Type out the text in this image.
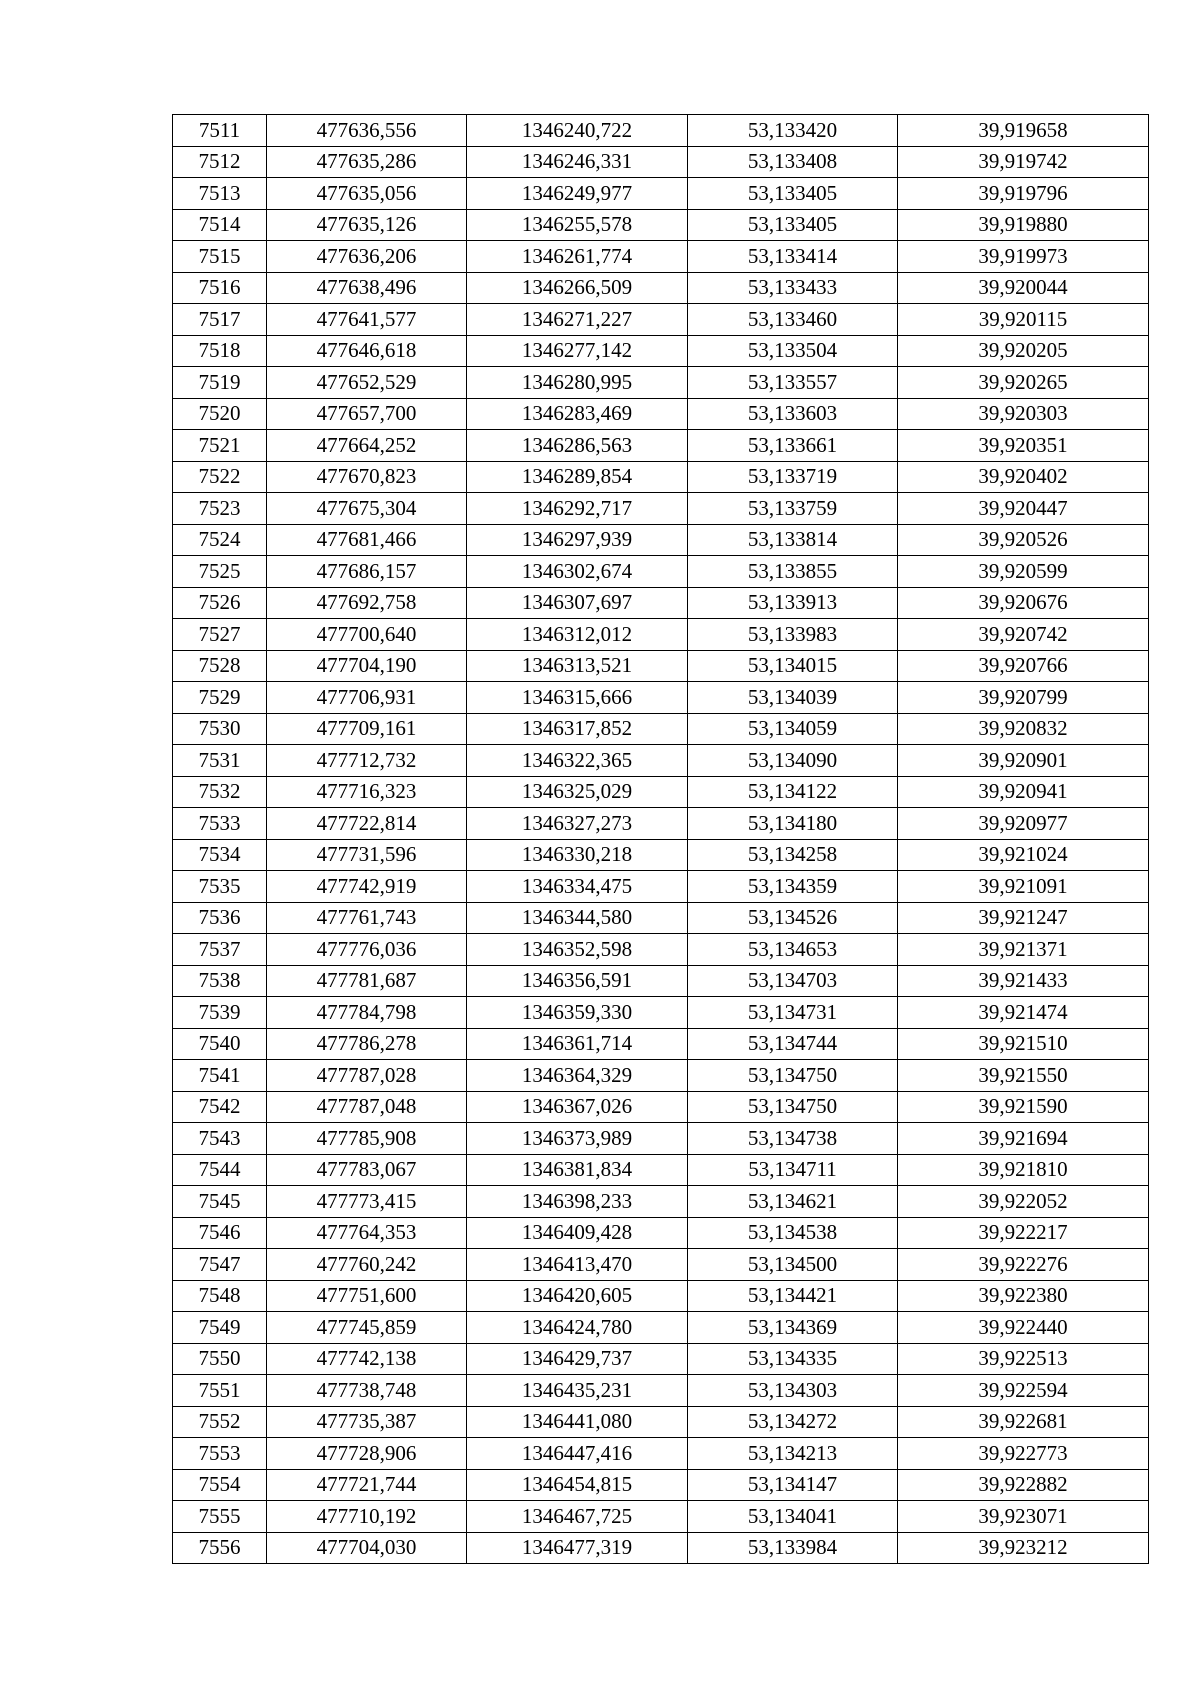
7511	477636,556	1346240,722	53,133420	39,919658
7512	477635,286	1346246,331	53,133408	39,919742
7513	477635,056	1346249,977	53,133405	39,919796
7514	477635,126	1346255,578	53,133405	39,919880
7515	477636,206	1346261,774	53,133414	39,919973
7516	477638,496	1346266,509	53,133433	39,920044
7517	477641,577	1346271,227	53,133460	39,920115
7518	477646,618	1346277,142	53,133504	39,920205
7519	477652,529	1346280,995	53,133557	39,920265
7520	477657,700	1346283,469	53,133603	39,920303
7521	477664,252	1346286,563	53,133661	39,920351
7522	477670,823	1346289,854	53,133719	39,920402
7523	477675,304	1346292,717	53,133759	39,920447
7524	477681,466	1346297,939	53,133814	39,920526
7525	477686,157	1346302,674	53,133855	39,920599
7526	477692,758	1346307,697	53,133913	39,920676
7527	477700,640	1346312,012	53,133983	39,920742
7528	477704,190	1346313,521	53,134015	39,920766
7529	477706,931	1346315,666	53,134039	39,920799
7530	477709,161	1346317,852	53,134059	39,920832
7531	477712,732	1346322,365	53,134090	39,920901
7532	477716,323	1346325,029	53,134122	39,920941
7533	477722,814	1346327,273	53,134180	39,920977
7534	477731,596	1346330,218	53,134258	39,921024
7535	477742,919	1346334,475	53,134359	39,921091
7536	477761,743	1346344,580	53,134526	39,921247
7537	477776,036	1346352,598	53,134653	39,921371
7538	477781,687	1346356,591	53,134703	39,921433
7539	477784,798	1346359,330	53,134731	39,921474
7540	477786,278	1346361,714	53,134744	39,921510
7541	477787,028	1346364,329	53,134750	39,921550
7542	477787,048	1346367,026	53,134750	39,921590
7543	477785,908	1346373,989	53,134738	39,921694
7544	477783,067	1346381,834	53,134711	39,921810
7545	477773,415	1346398,233	53,134621	39,922052
7546	477764,353	1346409,428	53,134538	39,922217
7547	477760,242	1346413,470	53,134500	39,922276
7548	477751,600	1346420,605	53,134421	39,922380
7549	477745,859	1346424,780	53,134369	39,922440
7550	477742,138	1346429,737	53,134335	39,922513
7551	477738,748	1346435,231	53,134303	39,922594
7552	477735,387	1346441,080	53,134272	39,922681
7553	477728,906	1346447,416	53,134213	39,922773
7554	477721,744	1346454,815	53,134147	39,922882
7555	477710,192	1346467,725	53,134041	39,923071
7556	477704,030	1346477,319	53,133984	39,923212
